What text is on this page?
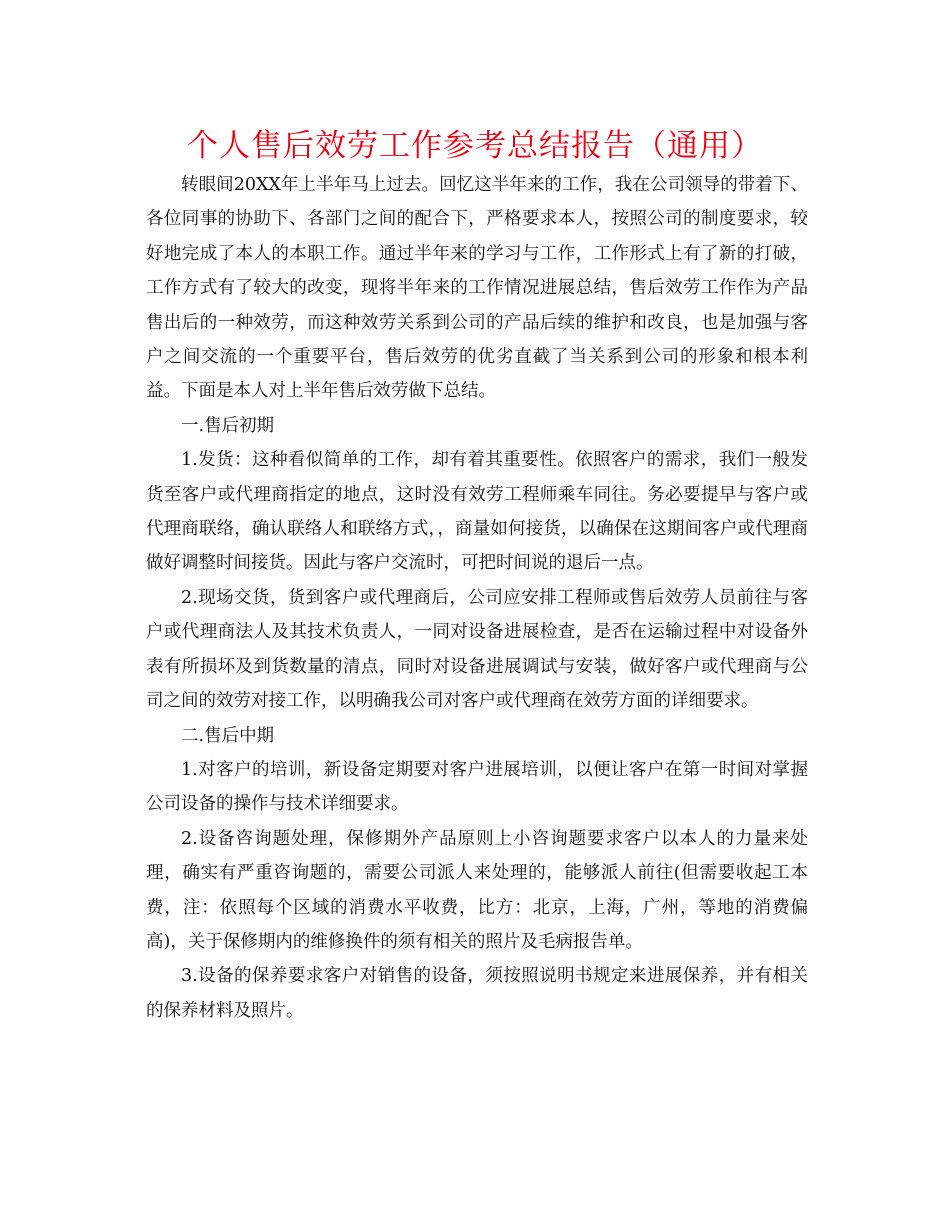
个人售后效劳工作参考总结报告（通用）

转眼间20XX年上半年马上过去。回忆这半年来的工作，我在公司领导的带着下、各位同事的协助下、各部门之间的配合下，严格要求本人，按照公司的制度要求，较好地完成了本人的本职工作。通过半年来的学习与工作，工作形式上有了新的打破，工作方式有了较大的改变，现将半年来的工作情况进展总结，售后效劳工作作为产品售出后的一种效劳，而这种效劳关系到公司的产品后续的维护和改良，也是加强与客户之间交流的一个重要平台，售后效劳的优劣直截了当关系到公司的形象和根本利益。下面是本人对上半年售后效劳做下总结。

一.售后初期

1.发货：这种看似简单的工作，却有着其重要性。依照客户的需求，我们一般发货至客户或代理商指定的地点，这时没有效劳工程师乘车同往。务必要提早与客户或代理商联络，确认联络人和联络方式，，商量如何接货，以确保在这期间客户或代理商做好调整时间接货。因此与客户交流时，可把时间说的退后一点。

2.现场交货，货到客户或代理商后，公司应安排工程师或售后效劳人员前往与客户或代理商法人及其技术负责人，一同对设备进展检查，是否在运输过程中对设备外表有所损坏及到货数量的清点，同时对设备进展调试与安装，做好客户或代理商与公司之间的效劳对接工作，以明确我公司对客户或代理商在效劳方面的详细要求。

二.售后中期

1.对客户的培训，新设备定期要对客户进展培训，以便让客户在第一时间对掌握公司设备的操作与技术详细要求。

2.设备咨询题处理，保修期外产品原则上小咨询题要求客户以本人的力量来处理，确实有严重咨询题的，需要公司派人来处理的，能够派人前往(但需要收起工本费，注：依照每个区域的消费水平收费，比方：北京，上海，广州，等地的消费偏高)，关于保修期内的维修换件的须有相关的照片及毛病报告单。

3.设备的保养要求客户对销售的设备，须按照说明书规定来进展保养，并有相关的保养材料及照片。
